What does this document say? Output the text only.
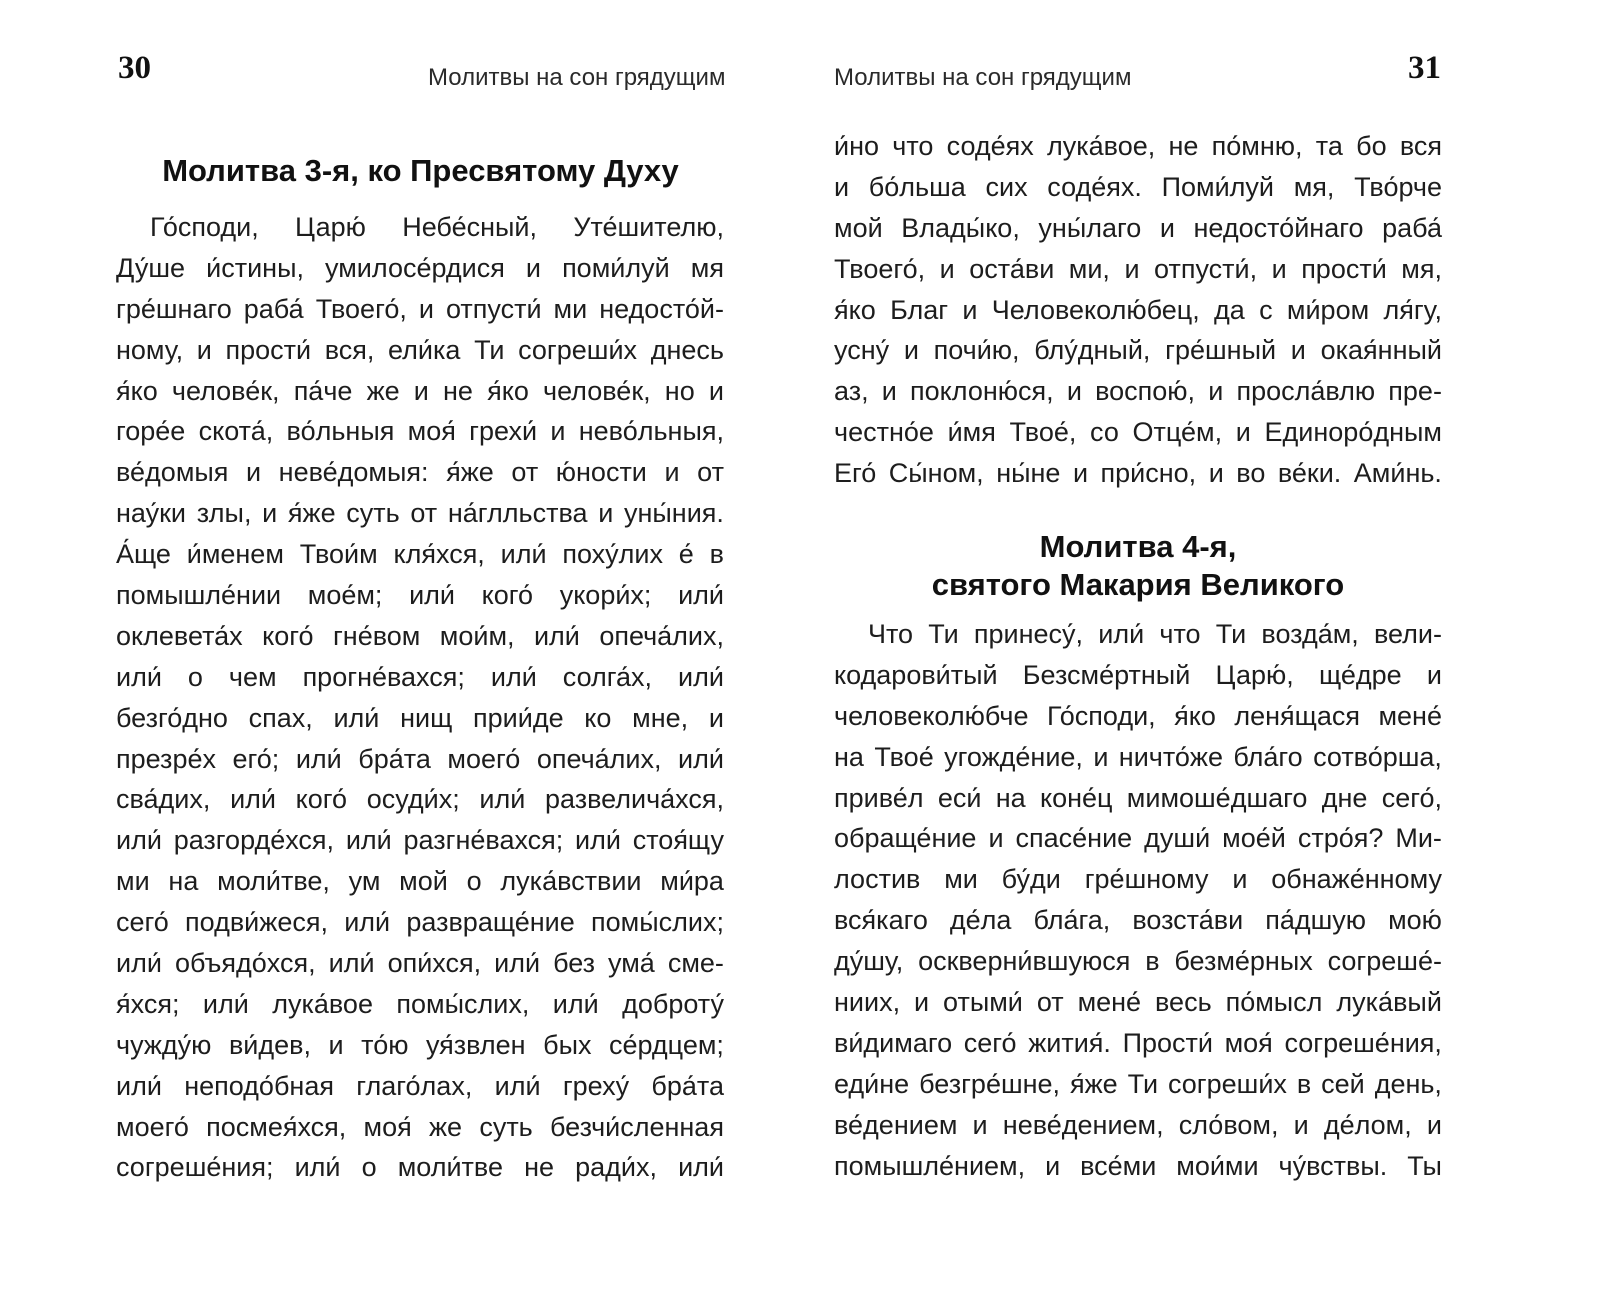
30	Молитвы на сон грядущим
Молитва 3-я, ко Пресвятому Духу
Го́споди, Царю́ Небе́сный, Уте́шителю,
Ду́ше и́стины, умилосе́рдися и поми́луй мя
гре́шнаго раба́ Твоего́, и отпусти́ ми недосто́й-
ному, и прости́ вся, ели́ка Ти согреши́х днесь
я́ко челове́к, па́че же и не я́ко челове́к, но и
горе́е скота́, во́льныя моя́ грехи́ и нево́льныя,
ве́домыя и неве́домыя: я́же от ю́ности и от
нау́ки злы, и я́же суть от на́глльства и уны́ния.
А́ще и́менем Твои́м кля́хся, или́ поху́лих е́ в
помышле́нии мое́м; или́ кого́ укори́х; или́
оклевета́х кого́ гне́вом мои́м, или́ опеча́лих,
или́ о чем прогне́вахся; или́ солга́х, или́
безго́дно спах, или́ нищ прии́де ко мне, и
презре́х его́; или́ бра́та моего́ опеча́лих, или́
сва́дих, или́ кого́ осуди́х; или́ развелича́хся,
или́ разгорде́хся, или́ разгне́вахся; или́ стоя́щу
ми на моли́тве, ум мой о лука́вствии ми́ра
сего́ подви́жеся, или́ развраще́ние помы́слих;
или́ объядо́хся, или́ опи́хся, или́ без ума́ сме-
я́хся; или́ лука́вое помы́слих, или́ доброту́
чужду́ю ви́дев, и то́ю уя́звлен бых се́рдцем;
или́ неподо́бная глаго́лах, или́ греху́ бра́та
моего́ посмея́хся, моя́ же суть безчи́сленная
согреше́ния; или́ о моли́тве не ради́х, или́
Молитвы на сон грядущим	31
и́но что соде́ях лука́вое, не по́мню, та бо вся
и бо́льша сих соде́ях. Поми́луй мя, Тво́рче
мой Влады́ко, уны́лаго и недосто́йнаго раба́
Твоего́, и оста́ви ми, и отпусти́, и прости́ мя,
я́ко Благ и Человеколю́бец, да с ми́ром ля́гу,
усну́ и почи́ю, блу́дный, гре́шный и окая́нный
аз, и поклоню́ся, и воспою́, и просла́влю пре-
честно́е и́мя Твое́, со Отце́м, и Единоро́дным
Его́ Сы́ном, ны́не и при́сно, и во ве́ки. Ами́нь.
Молитва 4-я,
святого Макария Великого
Что Ти принесу́, или́ что Ти возда́м, вели-
кодарови́тый Безсме́ртный Царю́, ще́дре и
человеколю́бче Го́споди, я́ко леня́щася мене́
на Твое́ угожде́ние, и ничто́же бла́го сотво́рша,
приве́л еси́ на коне́ц мимоше́дшаго дне сего́,
обраще́ние и спасе́ние души́ мое́й стро́я? Ми-
лостив ми бу́ди гре́шному и обнаже́нному
вся́каго де́ла бла́га, возста́ви па́дшую мою́
ду́шу, оскверни́вшуюся в безме́рных согреше́-
ниих, и отыми́ от мене́ весь по́мысл лука́вый
ви́димаго сего́ жития́. Прости́ моя́ согреше́ния,
еди́не безгре́шне, я́же Ти согреши́х в сей день,
ве́дением и неве́дением, сло́вом, и де́лом, и
помышле́нием, и все́ми мои́ми чу́вствы. Ты
